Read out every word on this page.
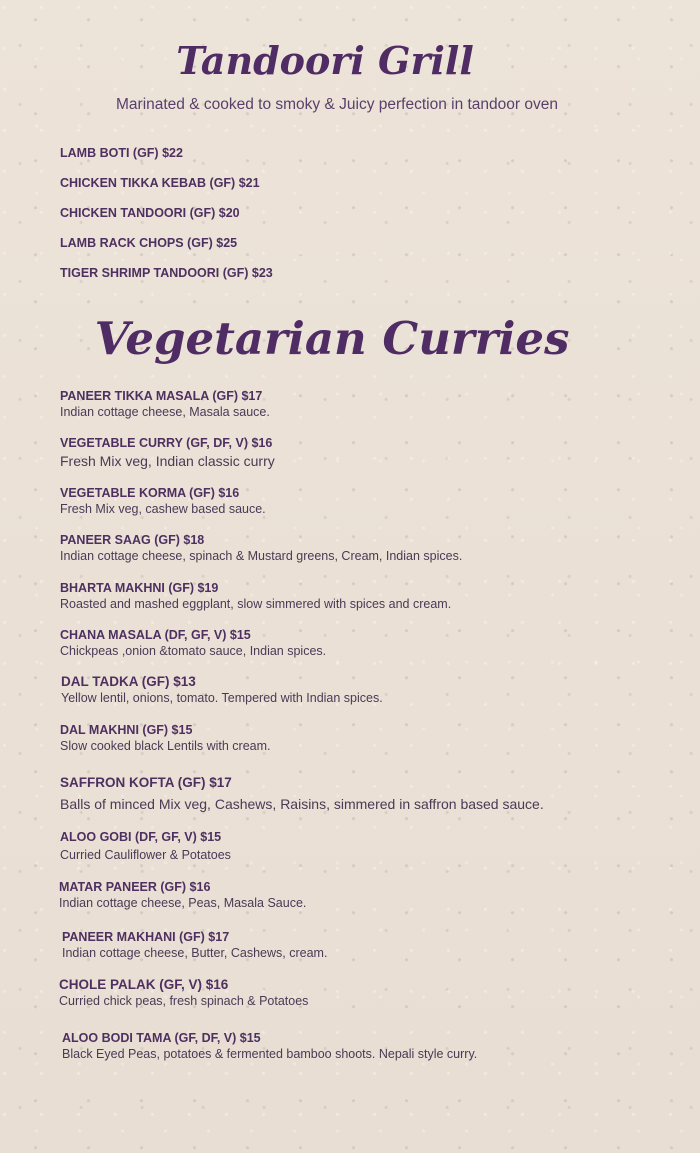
Tandoori Grill
Marinated & cooked to smoky & Juicy perfection in tandoor oven
LAMB BOTI (GF) $22
CHICKEN TIKKA KEBAB (GF) $21
CHICKEN TANDOORI (GF) $20
LAMB RACK CHOPS (GF) $25
TIGER SHRIMP TANDOORI (GF) $23
Vegetarian Curries
PANEER TIKKA MASALA (GF) $17
Indian cottage cheese, Masala sauce.
VEGETABLE CURRY (GF, DF, V) $16
Fresh Mix veg, Indian classic curry
VEGETABLE KORMA (GF) $16
Fresh Mix veg, cashew based sauce.
PANEER SAAG (GF) $18
Indian cottage cheese, spinach & Mustard greens, Cream, Indian spices.
BHARTA MAKHNI (GF) $19
Roasted and mashed eggplant, slow simmered with spices and cream.
CHANA MASALA (DF, GF, V) $15
Chickpeas ,onion &tomato sauce, Indian spices.
DAL TADKA (GF) $13
Yellow lentil, onions, tomato. Tempered with Indian spices.
DAL MAKHNI (GF) $15
Slow cooked black Lentils with cream.
SAFFRON KOFTA (GF) $17
Balls of minced Mix veg, Cashews, Raisins, simmered in saffron based sauce.
ALOO GOBI (DF, GF, V) $15
Curried Cauliflower & Potatoes
MATAR PANEER (GF) $16
Indian cottage cheese, Peas, Masala Sauce.
PANEER MAKHANI (GF) $17
Indian cottage cheese, Butter, Cashews, cream.
CHOLE PALAK (GF, V) $16
Curried chick peas, fresh spinach & Potatoes
ALOO BODI TAMA (GF, DF, V) $15
Black Eyed Peas, potatoes & fermented bamboo shoots. Nepali style curry.
